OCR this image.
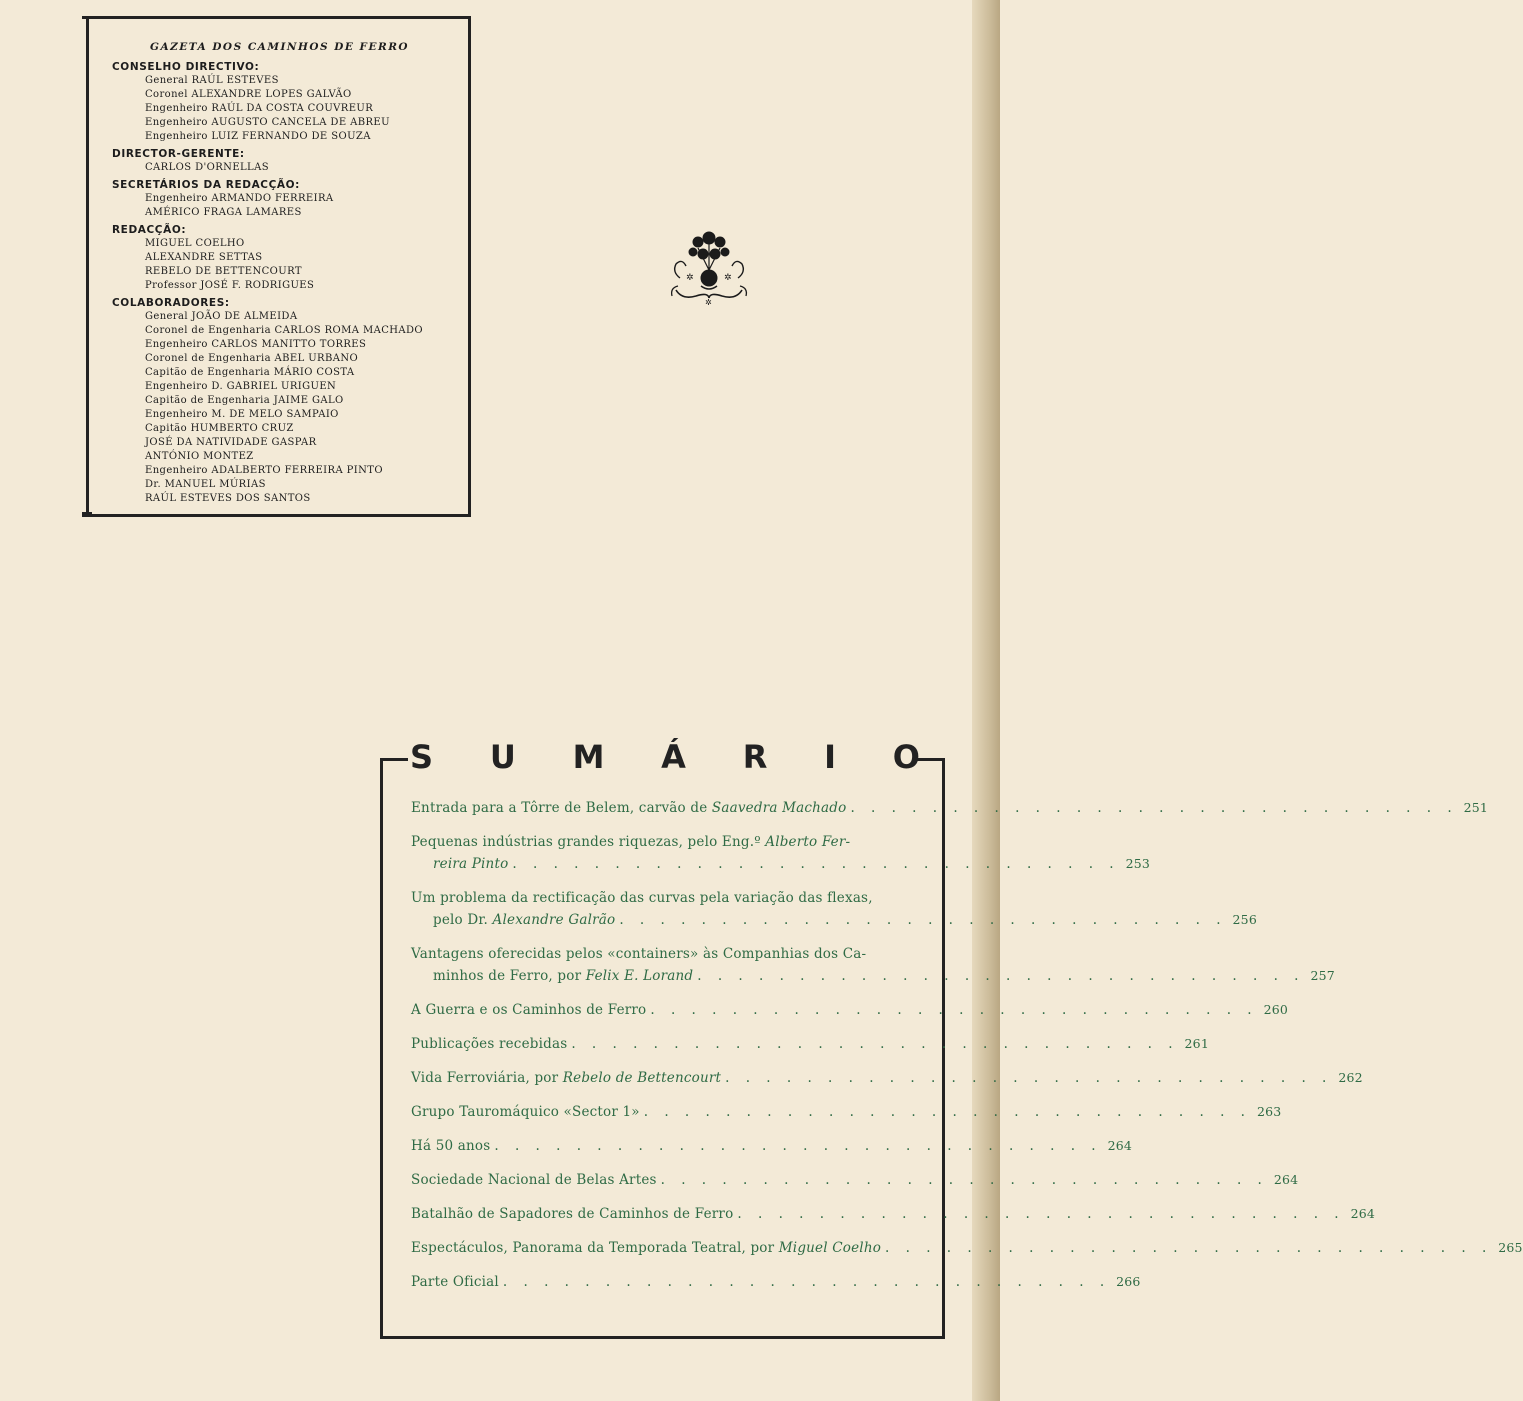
GAZETA DOS CAMINHOS DE FERRO
CONSELHO DIRECTIVO:
General RAÚL ESTEVES
Coronel ALEXANDRE LOPES GALVÃO
Engenheiro RAÚL DA COSTA COUVREUR
Engenheiro AUGUSTO CANCELA DE ABREU
Engenheiro LUIZ FERNANDO DE SOUZA
DIRECTOR-GERENTE:
CARLOS D'ORNELLAS
SECRETÁRIOS DA REDACÇÃO:
Engenheiro ARMANDO FERREIRA
AMÉRICO FRAGA LAMARES
REDACÇÃO:
MIGUEL COELHO
ALEXANDRE SETTAS
REBELO DE BETTENCOURT
Professor JOSÉ F. RODRIGUES
COLABORADORES:
General JOÃO DE ALMEIDA
Coronel de Engenharia CARLOS ROMA MACHADO
Engenheiro CARLOS MANITTO TORRES
Coronel de Engenharia ABEL URBANO
Capitão de Engenharia MÁRIO COSTA
Engenheiro D. GABRIEL URIGUEN
Capitão de Engenharia JAIME GALO
Engenheiro M. DE MELO SAMPAIO
Capitão HUMBERTO CRUZ
JOSÉ DA NATIVIDADE GASPAR
ANTÓNIO MONTEZ
Engenheiro ADALBERTO FERREIRA PINTO
Dr. MANUEL MÚRIAS
RAÚL ESTEVES DOS SANTOS
✲	✲
✲
S U M Á R I O
Entrada para a Tôrre de Belem, carvão de Saavedra Machado . . . . . . . . . . . . . . . . . . . . . . . . . . . . . . 251
Pequenas indústrias grandes riquezas, pelo Eng.º Alberto Fer-
reira Pinto . . . . . . . . . . . . . . . . . . . . . . . . . . . . . . 253
Um problema da rectificação das curvas pela variação das flexas,
pelo Dr. Alexandre Galrão . . . . . . . . . . . . . . . . . . . . . . . . . . . . . . 256
Vantagens oferecidas pelos «containers» às Companhias dos Ca-
minhos de Ferro, por Felix E. Lorand . . . . . . . . . . . . . . . . . . . . . . . . . . . . . . 257
A Guerra e os Caminhos de Ferro . . . . . . . . . . . . . . . . . . . . . . . . . . . . . . 260
Publicações recebidas . . . . . . . . . . . . . . . . . . . . . . . . . . . . . . 261
Vida Ferroviária, por Rebelo de Bettencourt . . . . . . . . . . . . . . . . . . . . . . . . . . . . . . 262
Grupo Tauromáquico «Sector 1» . . . . . . . . . . . . . . . . . . . . . . . . . . . . . . 263
Há 50 anos . . . . . . . . . . . . . . . . . . . . . . . . . . . . . . 264
Sociedade Nacional de Belas Artes . . . . . . . . . . . . . . . . . . . . . . . . . . . . . . 264
Batalhão de Sapadores de Caminhos de Ferro . . . . . . . . . . . . . . . . . . . . . . . . . . . . . . 264
Espectáculos, Panorama da Temporada Teatral, por Miguel Coelho . . . . . . . . . . . . . . . . . . . . . . . . . . . . . . 265
Parte Oficial . . . . . . . . . . . . . . . . . . . . . . . . . . . . . . 266
